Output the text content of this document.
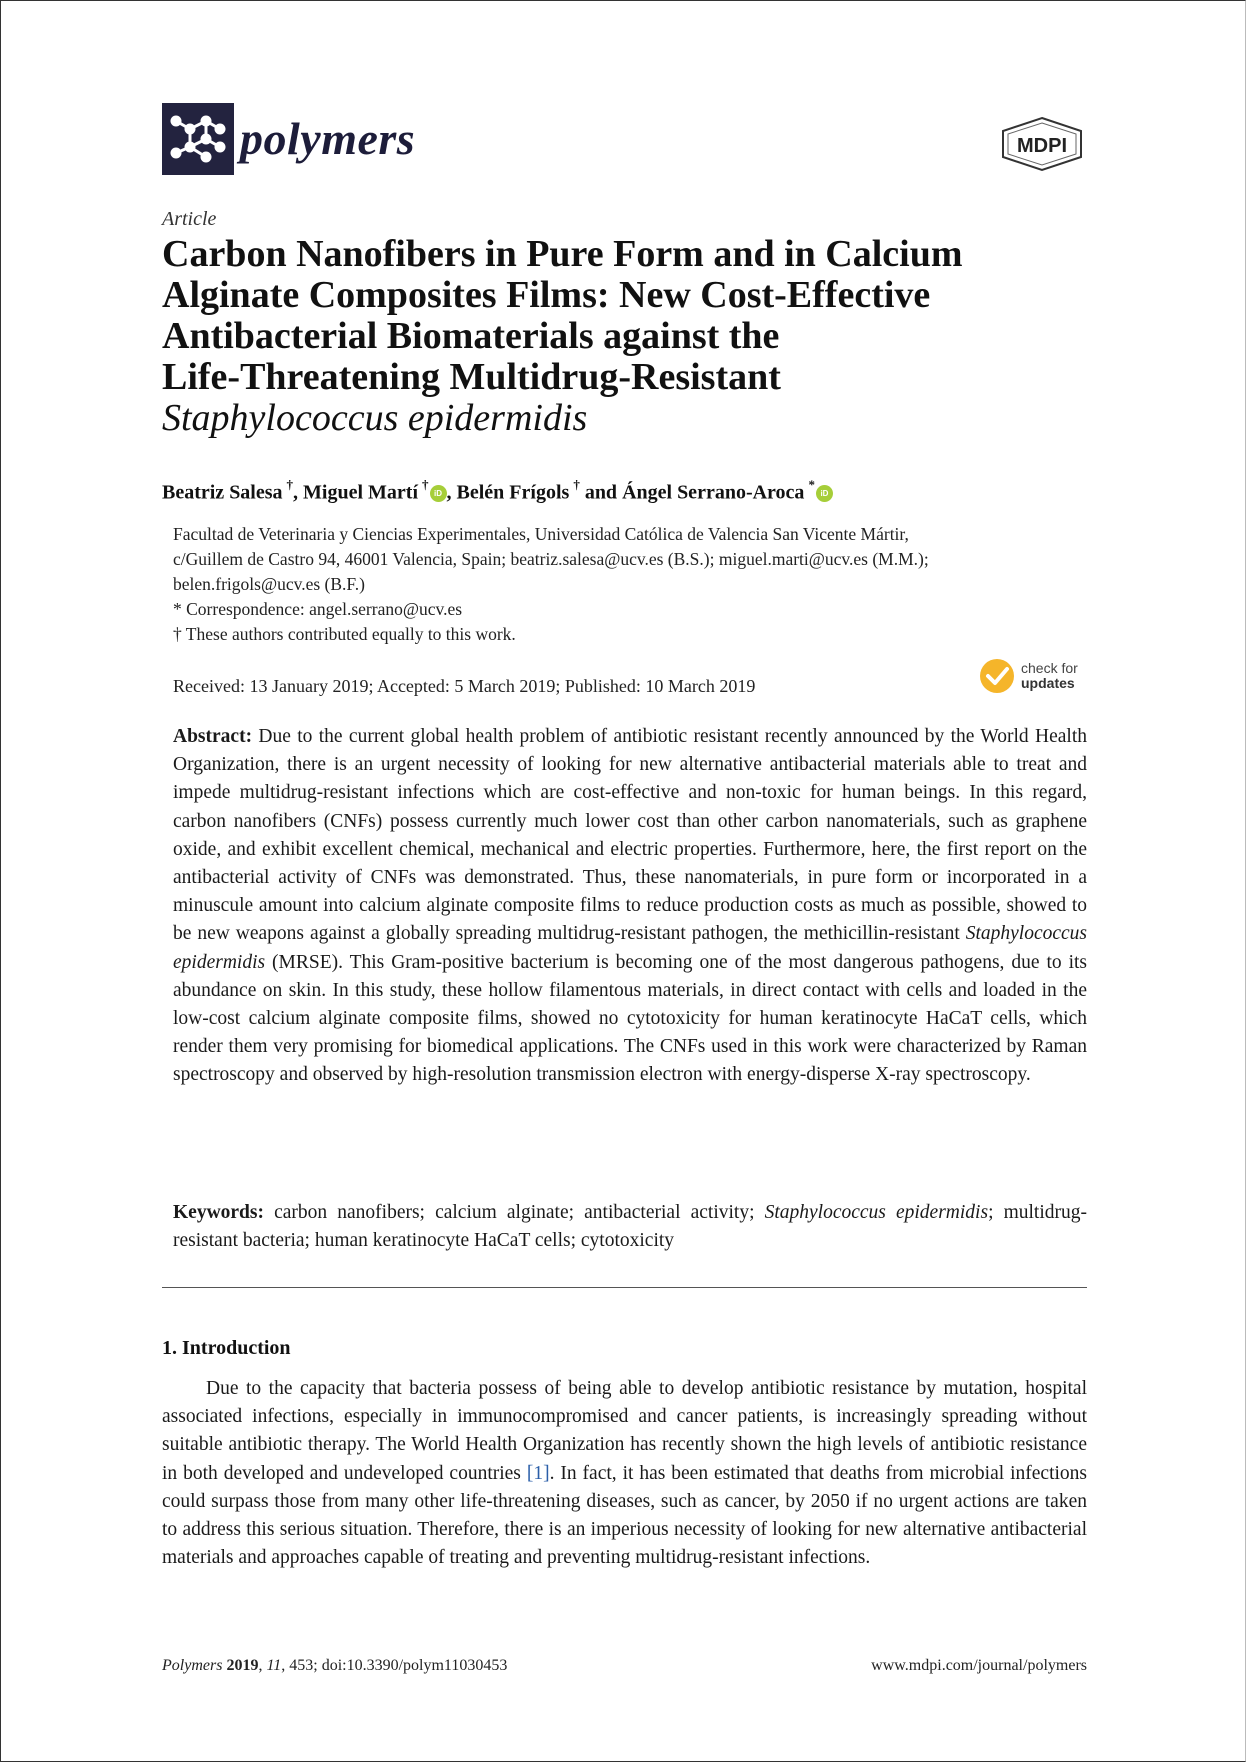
polymers	MDPI
Article
Carbon Nanofibers in Pure Form and in Calcium
Alginate Composites Films: New Cost-Effective
Antibacterial Biomaterials against the
Life-Threatening Multidrug-Resistant
Staphylococcus epidermidis
Beatriz Salesa  †, Miguel Martí  †iD , Belén Frígols  † and Ángel Serrano-Aroca  *iD

Facultad de Veterinaria y Ciencias Experimentales, Universidad Católica de Valencia San Vicente Mártir,

c/Guillem de Castro 94, 46001 Valencia, Spain; beatriz.salesa@ucv.es (B.S.); miguel.marti@ucv.es (M.M.);

belen.frigols@ucv.es (B.F.)

* Correspondence: angel.serrano@ucv.es

† These authors contributed equally to this work.

Received: 13 January 2019; Accepted: 5 March 2019; Published: 10 March 2019
check for
updates
Abstract: Due to the current global health problem of antibiotic resistant recently announced by the World Health Organization, there is an urgent necessity of looking for new alternative antibacterial materials able to treat and impede multidrug-resistant infections which are cost-effective and non-toxic for human beings. In this regard, carbon nanofibers (CNFs) possess currently much lower cost than other carbon nanomaterials, such as graphene oxide, and exhibit excellent chemical, mechanical and electric properties. Furthermore, here, the first report on the antibacterial activity of CNFs was demonstrated. Thus, these nanomaterials, in pure form or incorporated in a minuscule amount into calcium alginate composite films to reduce production costs as much as possible, showed to be new weapons against a globally spreading multidrug-resistant pathogen, the methicillin-resistant Staphylococcus epidermidis (MRSE). This Gram-positive bacterium is becoming one of the most dangerous pathogens, due to its abundance on skin. In this study, these hollow filamentous materials, in direct contact with cells and loaded in the low-cost calcium alginate composite films, showed no cytotoxicity for human keratinocyte HaCaT cells, which render them very promising for biomedical applications. The CNFs used in this work were characterized by Raman spectroscopy and observed by high-resolution transmission electron with energy-disperse X-ray spectroscopy.
Keywords: carbon nanofibers; calcium alginate; antibacterial activity; Staphylococcus epidermidis; multidrug-resistant bacteria; human keratinocyte HaCaT cells; cytotoxicity
1. Introduction
Due to the capacity that bacteria possess of being able to develop antibiotic resistance by mutation, hospital associated infections, especially in immunocompromised and cancer patients, is increasingly spreading without suitable antibiotic therapy. The World Health Organization has recently shown the high levels of antibiotic resistance in both developed and undeveloped countries [1]. In fact, it has been estimated that deaths from microbial infections could surpass those from many other life-threatening diseases, such as cancer, by 2050 if no urgent actions are taken to address this serious situation. Therefore, there is an imperious necessity of looking for new alternative antibacterial materials and approaches capable of treating and preventing multidrug-resistant infections.
Polymers 2019, 11, 453; doi:10.3390/polym11030453	www.mdpi.com/journal/polymers
